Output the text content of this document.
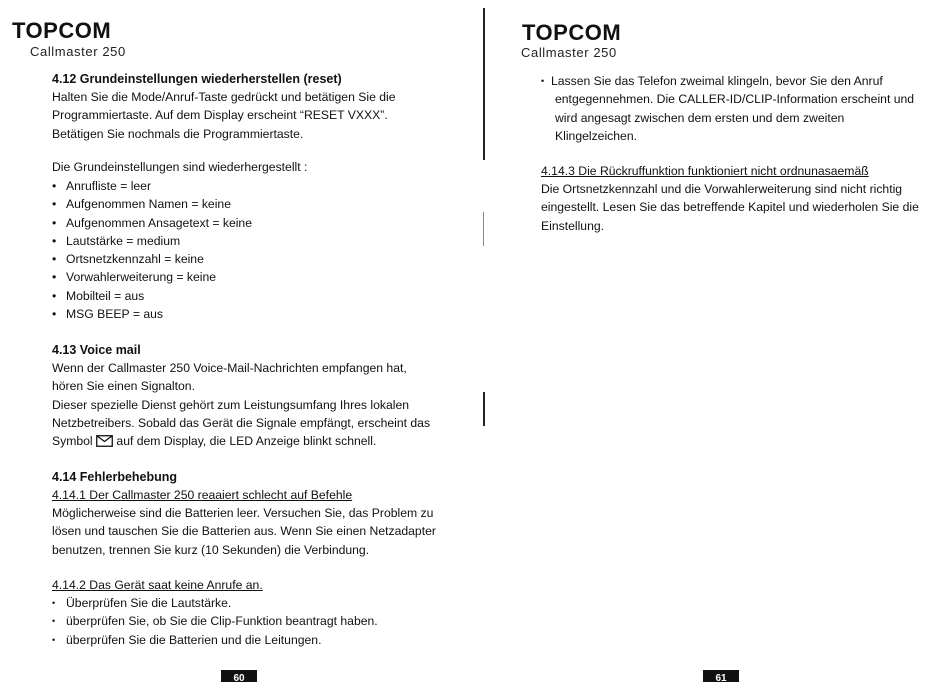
TOPCOM
Callmaster 250
4.12 Grundeinstellungen wiederherstellen (reset)
Halten Sie die Mode/Anruf-Taste gedrückt und betätigen Sie die
Programmiertaste. Auf dem Display erscheint “RESET VXXX”.
Betätigen Sie nochmals die Programmiertaste.
Die Grundeinstellungen sind wiederhergestellt :
• Anrufliste = leer
• Aufgenommen Namen = keine
• Aufgenommen Ansagetext = keine
• Lautstärke = medium
• Ortsnetzkennzahl = keine
• Vorwahlerweiterung = keine
• Mobilteil = aus
• MSG BEEP = aus
4.13 Voice mail
Wenn der Callmaster 250 Voice-Mail-Nachrichten empfangen hat,
hören Sie einen Signalton.
Dieser spezielle Dienst gehört zum Leistungsumfang Ihres lokalen
Netzbetreibers. Sobald das Gerät die Signale empfängt, erscheint das
Symbol auf dem Display, die LED Anzeige blinkt schnell.
4.14 Fehlerbehebung
4.14.1 Der Callmaster 250 reaaiert schlecht auf Befehle
Möglicherweise sind die Batterien leer. Versuchen Sie, das Problem zu
lösen und tauschen Sie die Batterien aus. Wenn Sie einen Netzadapter
benutzen, trennen Sie kurz (10 Sekunden) die Verbindung.
4.14.2 Das Gerät saat keine Anrufe an.
• Überprüfen Sie die Lautstärke.
• überprüfen Sie, ob Sie die Clip-Funktion beantragt haben.
• überprüfen Sie die Batterien und die Leitungen.
60
TOPCOM
Callmaster 250
• Lassen Sie das Telefon zweimal klingeln, bevor Sie den Anruf
entgegennehmen. Die CALLER-ID/CLIP-Information erscheint und
wird angesagt zwischen dem ersten und dem zweiten
Klingelzeichen.
4.14.3 Die Rückruffunktion funktioniert nicht ordnunasaemäß
Die Ortsnetzkennzahl und die Vorwahlerweiterung sind nicht richtig
eingestellt. Lesen Sie das betreffende Kapitel und wiederholen Sie die
Einstellung.
61
